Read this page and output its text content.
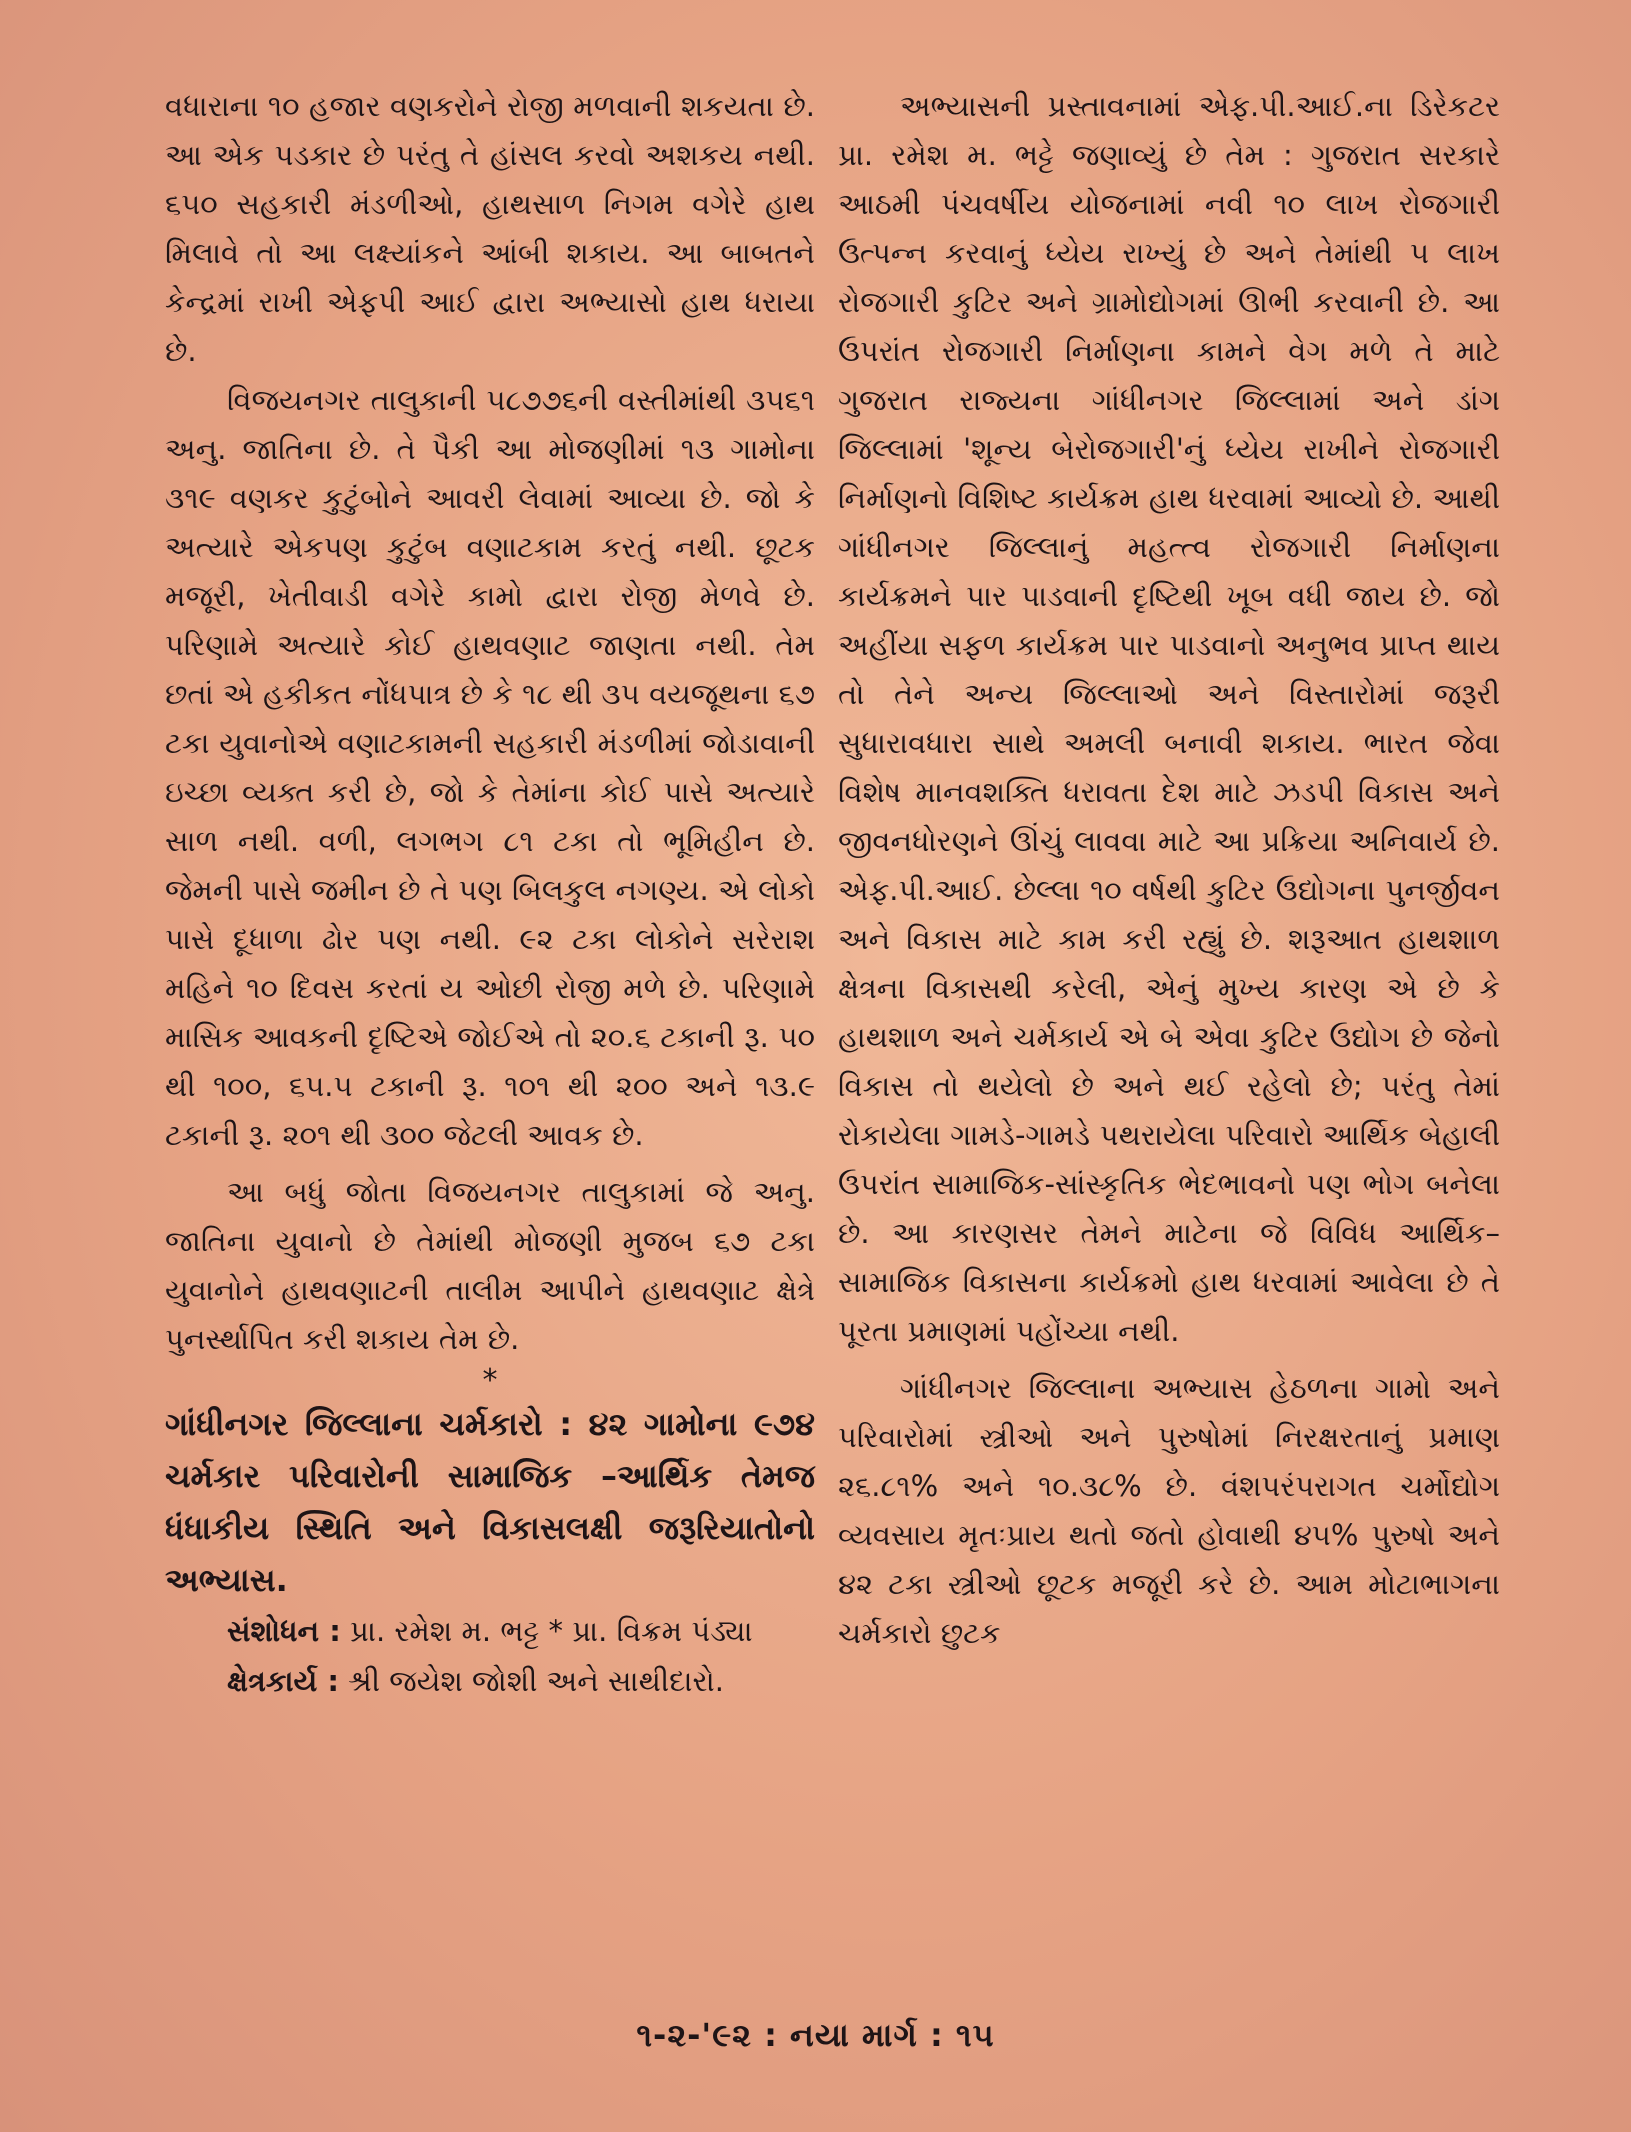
વધારાના ૧૦ હજાર વણકરોને રોજી મળવાની શકયતા છે. આ એક પડકાર છે પરંતુ તે હાંસલ કરવો અશકય નથી. ૬૫૦ સહકારી મંડળીઓ, હાથસાળ નિગમ વગેરે હાથ મિલાવે તો આ લક્ષ્યાંકને આંબી શકાય. આ બાબતને કેન્દ્રમાં રાખી એફપી આઈ દ્વારા અભ્યાસો હાથ ધરાયા છે.

વિજયનગર તાલુકાની ૫૮૭૭૬ની વસ્તીમાંથી ૩૫૬૧ અનુ. જાતિના છે. તે પૈકી આ મોજણીમાં ૧૩ ગામોના ૩૧૯ વણકર કુટુંબોને આવરી લેવામાં આવ્યા છે. જો કે અત્યારે એકપણ કુટુંબ વણાટકામ કરતું નથી. છૂટક મજૂરી, ખેતીવાડી વગેરે કામો દ્વારા રોજી મેળવે છે. પરિણામે અત્યારે કોઈ હાથવણાટ જાણતા નથી. તેમ છતાં એ હકીકત નોંધપાત્ર છે કે ૧૮ થી ૩૫ વયજૂથના ૬૭ ટકા યુવાનોએ વણાટકામની સહકારી મંડળીમાં જોડાવાની ઇચ્છા વ્યક્ત કરી છે, જો કે તેમાંના કોઈ પાસે અત્યારે સાળ નથી. વળી, લગભગ ૮૧ ટકા તો ભૂમિહીન છે. જેમની પાસે જમીન છે તે પણ બિલકુલ નગણ્ય. એ લોકો પાસે દૂધાળા ઢોર પણ નથી. ૯૨ ટકા લોકોને સરેરાશ મહિને ૧૦ દિવસ કરતાં ય ઓછી રોજી મળે છે. પરિણામે માસિક આવકની દૃષ્ટિએ જોઈએ તો ૨૦.૬ ટકાની રૂ. ૫૦ થી ૧૦૦, ૬૫.૫ ટકાની રૂ. ૧૦૧ થી ૨૦૦ અને ૧૩.૯ ટકાની રૂ. ૨૦૧ થી ૩૦૦ જેટલી આવક છે.

આ બધું જોતા વિજયનગર તાલુકામાં જે અનુ. જાતિના યુવાનો છે તેમાંથી મોજણી મુજબ ૬૭ ટકા યુવાનોને હાથવણાટની તાલીમ આપીને હાથવણાટ ક્ષેત્રે પુનર્સ્થાપિત કરી શકાય તેમ છે.

*

ગાંધીનગર જિલ્લાના ચર્મકારો : ૪૨ ગામોના ૯૭૪ ચર્મકાર પરિવારોની સામાજિક –આર્થિક તેમજ ધંધાકીય સ્થિતિ અને વિકાસલક્ષી જરૂરિયાતોનો અભ્યાસ.

સંશોધન : પ્રા. રમેશ મ. ભટ્ટ * પ્રા. વિક્રમ પંડ્યા

ક્ષેત્રકાર્ય : શ્રી જયેશ જોશી અને સાથીદારો.

અભ્યાસની પ્રસ્તાવનામાં એફ.પી.આઈ.ના ડિરેકટર પ્રા. રમેશ મ. ભટ્ટે જણાવ્યું છે તેમ : ગુજરાત સરકારે આઠમી પંચવર્ષીય યોજનામાં નવી ૧૦ લાખ રોજગારી ઉત્પન્ન કરવાનું ધ્યેય રાખ્યું છે અને તેમાંથી ૫ લાખ રોજગારી કુટિર અને ગ્રામોદ્યોગમાં ઊભી કરવાની છે. આ ઉપરાંત રોજગારી નિર્માણના કામને વેગ મળે તે માટે ગુજરાત રાજ્યના ગાંધીનગર જિલ્લામાં અને ડાંગ જિલ્લામાં 'શૂન્ય બેરોજગારી'નું ધ્યેય રાખીને રોજગારી નિર્માણનો વિશિષ્ટ કાર્યક્રમ હાથ ધરવામાં આવ્યો છે. આથી ગાંધીનગર જિલ્લાનું મહત્ત્વ રોજગારી નિર્માણના કાર્યક્રમને પાર પાડવાની દૃષ્ટિથી ખૂબ વધી જાય છે. જો અહીંયા સફળ કાર્યક્રમ પાર પાડવાનો અનુભવ પ્રાપ્ત થાય તો તેને અન્ય જિલ્લાઓ અને વિસ્તારોમાં જરૂરી સુધારાવધારા સાથે અમલી બનાવી શકાય. ભારત જેવા વિશેષ માનવશક્તિ ધરાવતા દેશ માટે ઝડપી વિકાસ અને જીવનધોરણને ઊંચું લાવવા માટે આ પ્રક્રિયા અનિવાર્ય છે. એફ.પી.આઈ. છેલ્લા ૧૦ વર્ષથી કુટિર ઉદ્યોગના પુનર્જીવન અને વિકાસ માટે કામ કરી રહ્યું છે. શરૂઆત હાથશાળ ક્ષેત્રના વિકાસથી કરેલી, એનું મુખ્ય કારણ એ છે કે હાથશાળ અને ચર્મકાર્ય એ બે એવા કુટિર ઉદ્યોગ છે જેનો વિકાસ તો થયેલો છે અને થઈ રહેલો છે; પરંતુ તેમાં રોકાયેલા ગામડે-ગામડે પથરાયેલા પરિવારો આર્થિક બેહાલી ઉપરાંત સામાજિક-સાંસ્કૃતિક ભેદભાવનો પણ ભોગ બનેલા છે. આ કારણસર તેમને માટેના જે વિવિધ આર્થિક–સામાજિક વિકાસના કાર્યક્રમો હાથ ધરવામાં આવેલા છે તે પૂરતા પ્રમાણમાં પહોંચ્યા નથી.

ગાંધીનગર જિલ્લાના અભ્યાસ હેઠળના ગામો અને પરિવારોમાં સ્ત્રીઓ અને પુરુષોમાં નિરક્ષરતાનું પ્રમાણ ૨૬.૮૧% અને ૧૦.૩૮% છે. વંશપરંપરાગત ચર્મોદ્યોગ વ્યવસાય મૃતઃપ્રાય થતો જતો હોવાથી ૪૫% પુરુષો અને ૪૨ ટકા સ્ત્રીઓ છૂટક મજૂરી કરે છે. આમ મોટાભાગના ચર્મકારો છુટક

૧-૨-'૯૨ : નયા માર્ગ : ૧૫
